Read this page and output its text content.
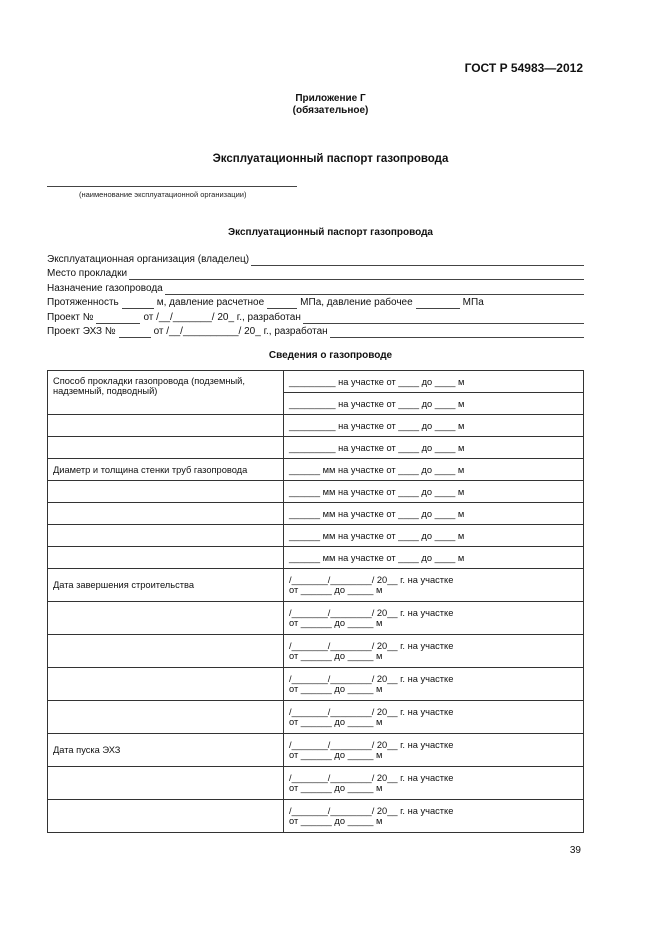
ГОСТ Р 54983—2012
Приложение Г
(обязательное)
Эксплуатационный паспорт газопровода
(наименование эксплуатационной организации)
Эксплуатационный паспорт газопровода
Эксплуатационная организация (владелец)
Место прокладки
Назначение газопровода
Протяженность	м, давление расчетное	МПа, давление рабочее	МПа
Проект №	от /__/_______/ 20_ г., разработан
Проект ЭХЗ №	от /__/__________/ 20_ г., разработан
Сведения о газопроводе
Способ прокладки газопровода (подземный, надземный, подводный)	_________ на участке от ____ до ____ м
	_________ на участке от ____ до ____ м
	_________ на участке от ____ до ____ м
	_________ на участке от ____ до ____ м
Диаметр и толщина стенки труб газопровода	______ мм на участке от ____ до ____ м
	______ мм на участке от ____ до ____ м
	______ мм на участке от ____ до ____ м
	______ мм на участке от ____ до ____ м
	______ мм на участке от ____ до ____ м
Дата завершения строительства	/_______/________/ 20__ г. на участке
от ______ до _____ м

	/_______/________/ 20__ г. на участке
от ______ до _____ м

	/_______/________/ 20__ г. на участке
от ______ до _____ м

	/_______/________/ 20__ г. на участке
от ______ до _____ м

	/_______/________/ 20__ г. на участке
от ______ до _____ м

Дата пуска ЭХЗ	/_______/________/ 20__ г. на участке
от ______ до _____ м

	/_______/________/ 20__ г. на участке
от ______ до _____ м

	/_______/________/ 20__ г. на участке
от ______ до _____ м
39
